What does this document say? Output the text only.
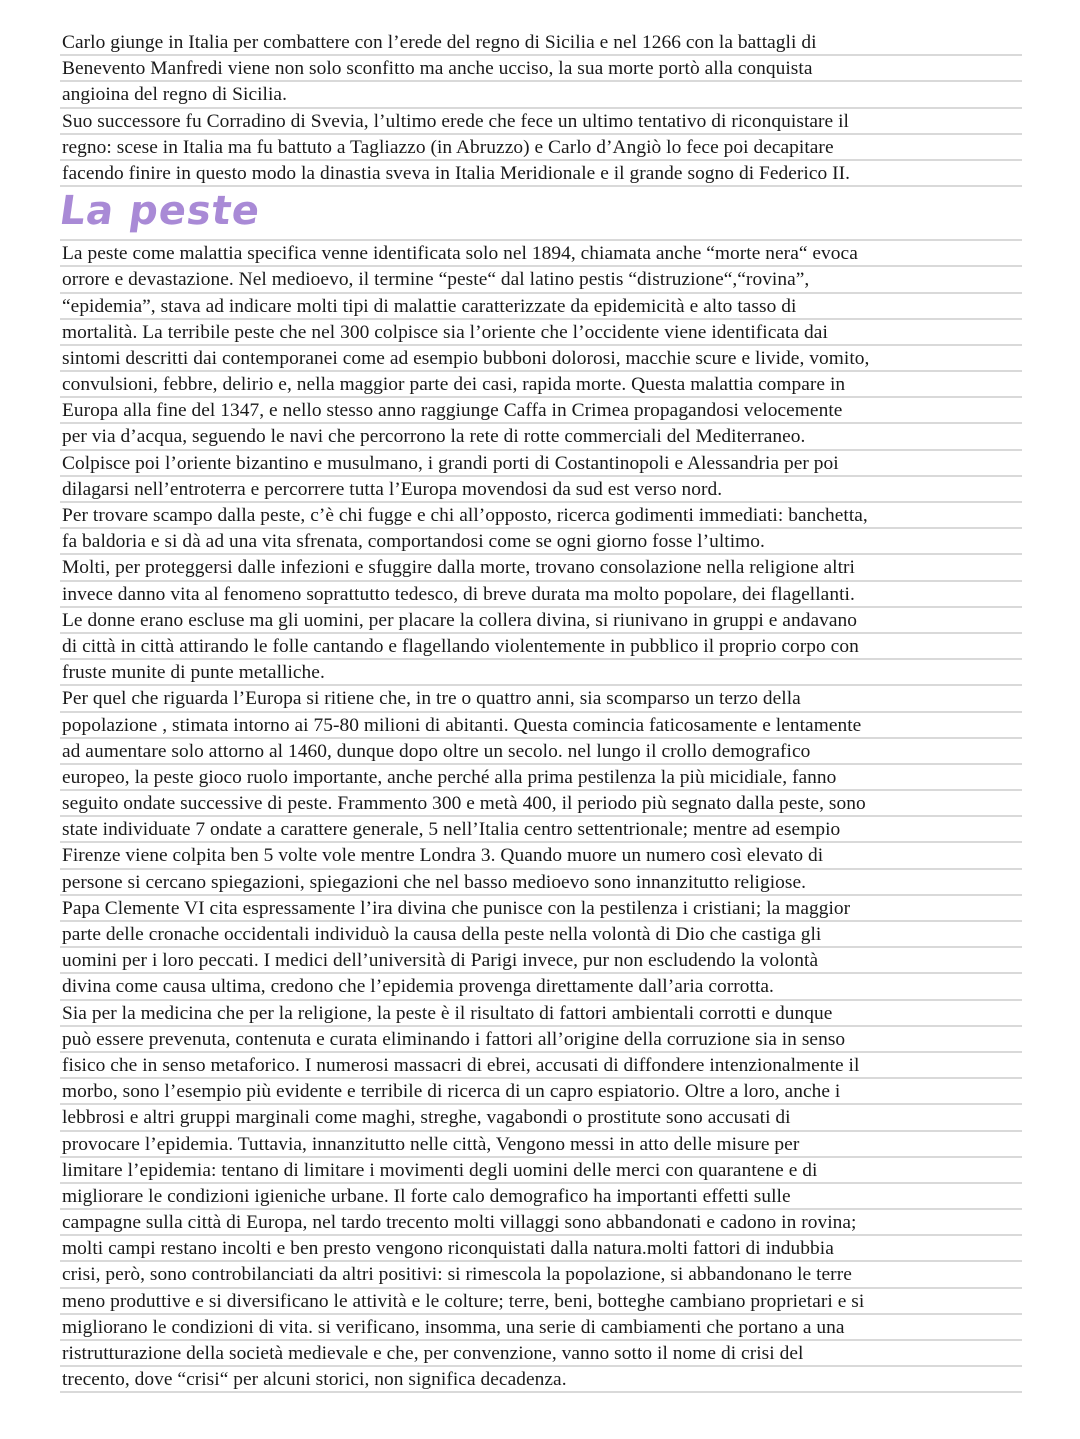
Carlo giunge in Italia per combattere con l’erede del regno di Sicilia e nel 1266 con la battagli di
Benevento Manfredi viene non solo sconfitto ma anche ucciso, la sua morte portò alla conquista
angioina del regno di Sicilia.
Suo successore fu Corradino di Svevia, l’ultimo erede che fece un ultimo tentativo di riconquistare il
regno: scese in Italia ma fu battuto a Tagliazzo (in Abruzzo) e Carlo d’Angiò lo fece poi decapitare
facendo finire in questo modo la dinastia sveva in Italia Meridionale e il grande sogno di Federico II.
La peste
La peste come malattia specifica venne identificata solo nel 1894, chiamata anche “morte nera“ evoca
orrore e devastazione. Nel medioevo, il termine “peste“ dal latino pestis “distruzione“,“rovina”,
“epidemia”, stava ad indicare molti tipi di malattie caratterizzate da epidemicità e alto tasso di
mortalità. La terribile peste che nel 300 colpisce sia l’oriente che l’occidente viene identificata dai
sintomi descritti dai contemporanei come ad esempio bubboni dolorosi, macchie scure e livide, vomito,
convulsioni, febbre, delirio e, nella maggior parte dei casi, rapida morte. Questa malattia compare in
Europa alla fine del 1347, e nello stesso anno raggiunge Caffa in Crimea propagandosi velocemente
per via d’acqua, seguendo le navi che percorrono la rete di rotte commerciali del Mediterraneo.
Colpisce poi l’oriente bizantino e musulmano, i grandi porti di Costantinopoli e Alessandria per poi
dilagarsi nell’entroterra e percorrere tutta l’Europa movendosi da sud est verso nord.
Per trovare scampo dalla peste, c’è chi fugge e chi all’opposto, ricerca godimenti immediati: banchetta,
fa baldoria e si dà ad una vita sfrenata, comportandosi come se ogni giorno fosse l’ultimo.
Molti, per proteggersi dalle infezioni e sfuggire dalla morte, trovano consolazione nella religione altri
invece danno vita al fenomeno soprattutto tedesco, di breve durata ma molto popolare, dei flagellanti.
Le donne erano escluse ma gli uomini, per placare la collera divina, si riunivano in gruppi e andavano
di città in città attirando le folle cantando e flagellando violentemente in pubblico il proprio corpo con
fruste munite di punte metalliche.
Per quel che riguarda l’Europa si ritiene che, in tre o quattro anni, sia scomparso un terzo della
popolazione , stimata intorno ai 75-80 milioni di abitanti. Questa comincia faticosamente e lentamente
ad aumentare solo attorno al 1460, dunque dopo oltre un secolo. nel lungo il crollo demografico
europeo, la peste gioco ruolo importante, anche perché alla prima pestilenza la più micidiale, fanno
seguito ondate successive di peste. Frammento 300 e metà 400, il periodo più segnato dalla peste, sono
state individuate 7 ondate a carattere generale, 5 nell’Italia centro settentrionale; mentre ad esempio
Firenze viene colpita ben 5 volte vole mentre Londra 3. Quando muore un numero così elevato di
persone si cercano spiegazioni, spiegazioni che nel basso medioevo sono innanzitutto religiose.
Papa Clemente VI cita espressamente l’ira divina che punisce con la pestilenza i cristiani; la maggior
parte delle cronache occidentali individuò la causa della peste nella volontà di Dio che castiga gli
uomini per i loro peccati. I medici dell’università di Parigi invece, pur non escludendo la volontà
divina come causa ultima, credono che l’epidemia provenga direttamente dall’aria corrotta.
Sia per la medicina che per la religione, la peste è il risultato di fattori ambientali corrotti e dunque
può essere prevenuta, contenuta e curata eliminando i fattori all’origine della corruzione sia in senso
fisico che in senso metaforico. I numerosi massacri di ebrei, accusati di diffondere intenzionalmente il
morbo, sono l’esempio più evidente e terribile di ricerca di un capro espiatorio. Oltre a loro, anche i
lebbrosi e altri gruppi marginali come maghi, streghe, vagabondi o prostitute sono accusati di
provocare l’epidemia. Tuttavia, innanzitutto nelle città, Vengono messi in atto delle misure per
limitare l’epidemia: tentano di limitare i movimenti degli uomini delle merci con quarantene e di
migliorare le condizioni igieniche urbane. Il forte calo demografico ha importanti effetti sulle
campagne sulla città di Europa, nel tardo trecento molti villaggi sono abbandonati e cadono in rovina;
molti campi restano incolti e ben presto vengono riconquistati dalla natura.molti fattori di indubbia
crisi, però, sono controbilanciati da altri positivi: si rimescola la popolazione, si abbandonano le terre
meno produttive e si diversificano le attività e le colture; terre, beni, botteghe cambiano proprietari e si
migliorano le condizioni di vita. si verificano, insomma, una serie di cambiamenti che portano a una
ristrutturazione della società medievale e che, per convenzione, vanno sotto il nome di crisi del
trecento, dove “crisi“ per alcuni storici, non significa decadenza.
